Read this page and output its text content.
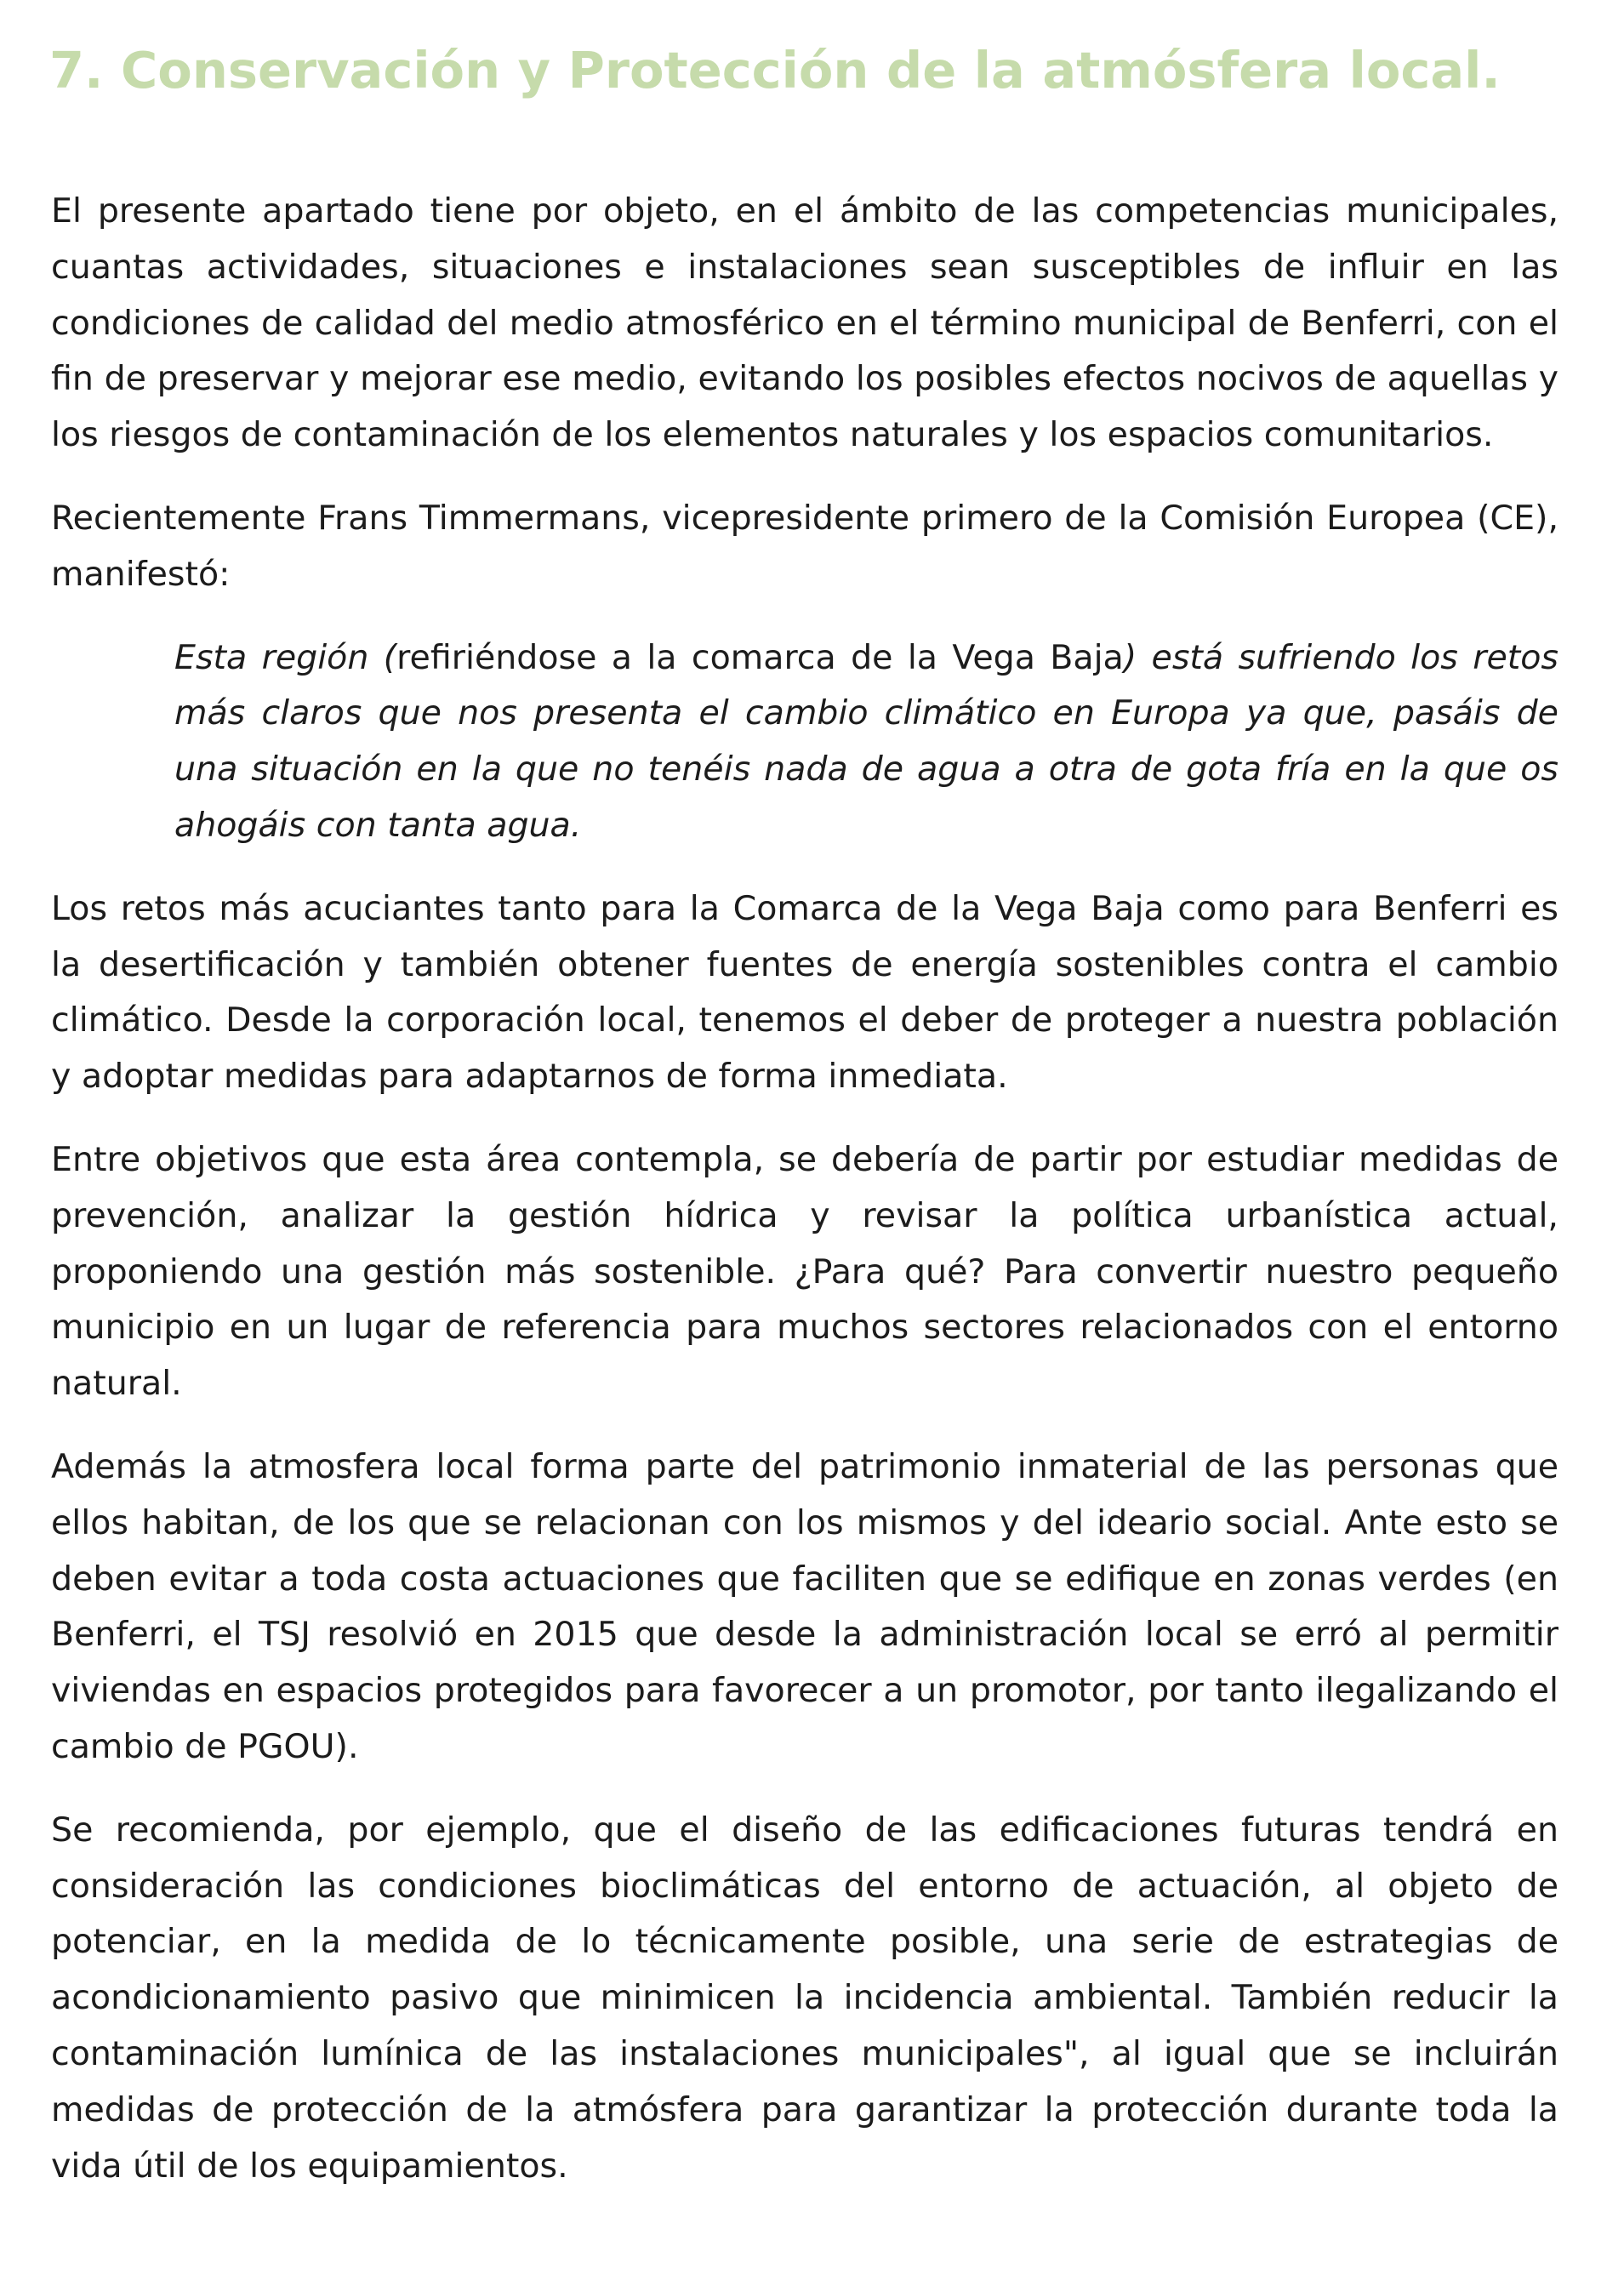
7. Conservación y Protección de la atmósfera local.

El presente apartado tiene por objeto, en el ámbito de las competencias municipales, cuantas actividades, situaciones e instalaciones sean susceptibles de influir en las condiciones de calidad del medio atmosférico en el término municipal de Benferri, con el fin de preservar y mejorar ese medio, evitando los posibles efectos nocivos de aquellas y los riesgos de contaminación de los elementos naturales y los espacios comunitarios.

Recientemente Frans Timmermans, vicepresidente primero de la Comisión Europea (CE), manifestó:

Esta región (refiriéndose a la comarca de la Vega Baja) está sufriendo los retos más claros que nos presenta el cambio climático en Europa ya que, pasáis de una situación en la que no tenéis nada de agua a otra de gota fría en la que os ahogáis con tanta agua.

Los retos más acuciantes tanto para la Comarca de la Vega Baja como para Benferri es la desertificación y también obtener fuentes de energía sostenibles contra el cambio climático. Desde la corporación local, tenemos el deber de proteger a nuestra población y adoptar medidas para adaptarnos de forma inmediata.

Entre objetivos que esta área contempla, se debería de partir por estudiar medidas de prevención, analizar la gestión hídrica y revisar la política urbanística actual, proponiendo una gestión más sostenible. ¿Para qué? Para convertir nuestro pequeño municipio en un lugar de referencia para muchos sectores relacionados con el entorno natural.

Además la atmosfera local forma parte del patrimonio inmaterial de las personas que ellos habitan, de los que se relacionan con los mismos y del ideario social. Ante esto se deben evitar a toda costa actuaciones que faciliten que se edifique en zonas verdes (en Benferri, el TSJ resolvió en 2015 que desde la administración local se erró al permitir viviendas en espacios protegidos para favorecer a un promotor, por tanto ilegalizando el cambio de PGOU).

Se recomienda, por ejemplo, que el diseño de las edificaciones futuras tendrá en consideración las condiciones bioclimáticas del entorno de actuación, al objeto de potenciar, en la medida de lo técnicamente posible, una serie de estrategias de acondicionamiento pasivo que minimicen la incidencia ambiental. También reducir la contaminación lumínica de las instalaciones municipales", al igual que se incluirán medidas de protección de la atmósfera para garantizar la protección durante toda la vida útil de los equipamientos.
